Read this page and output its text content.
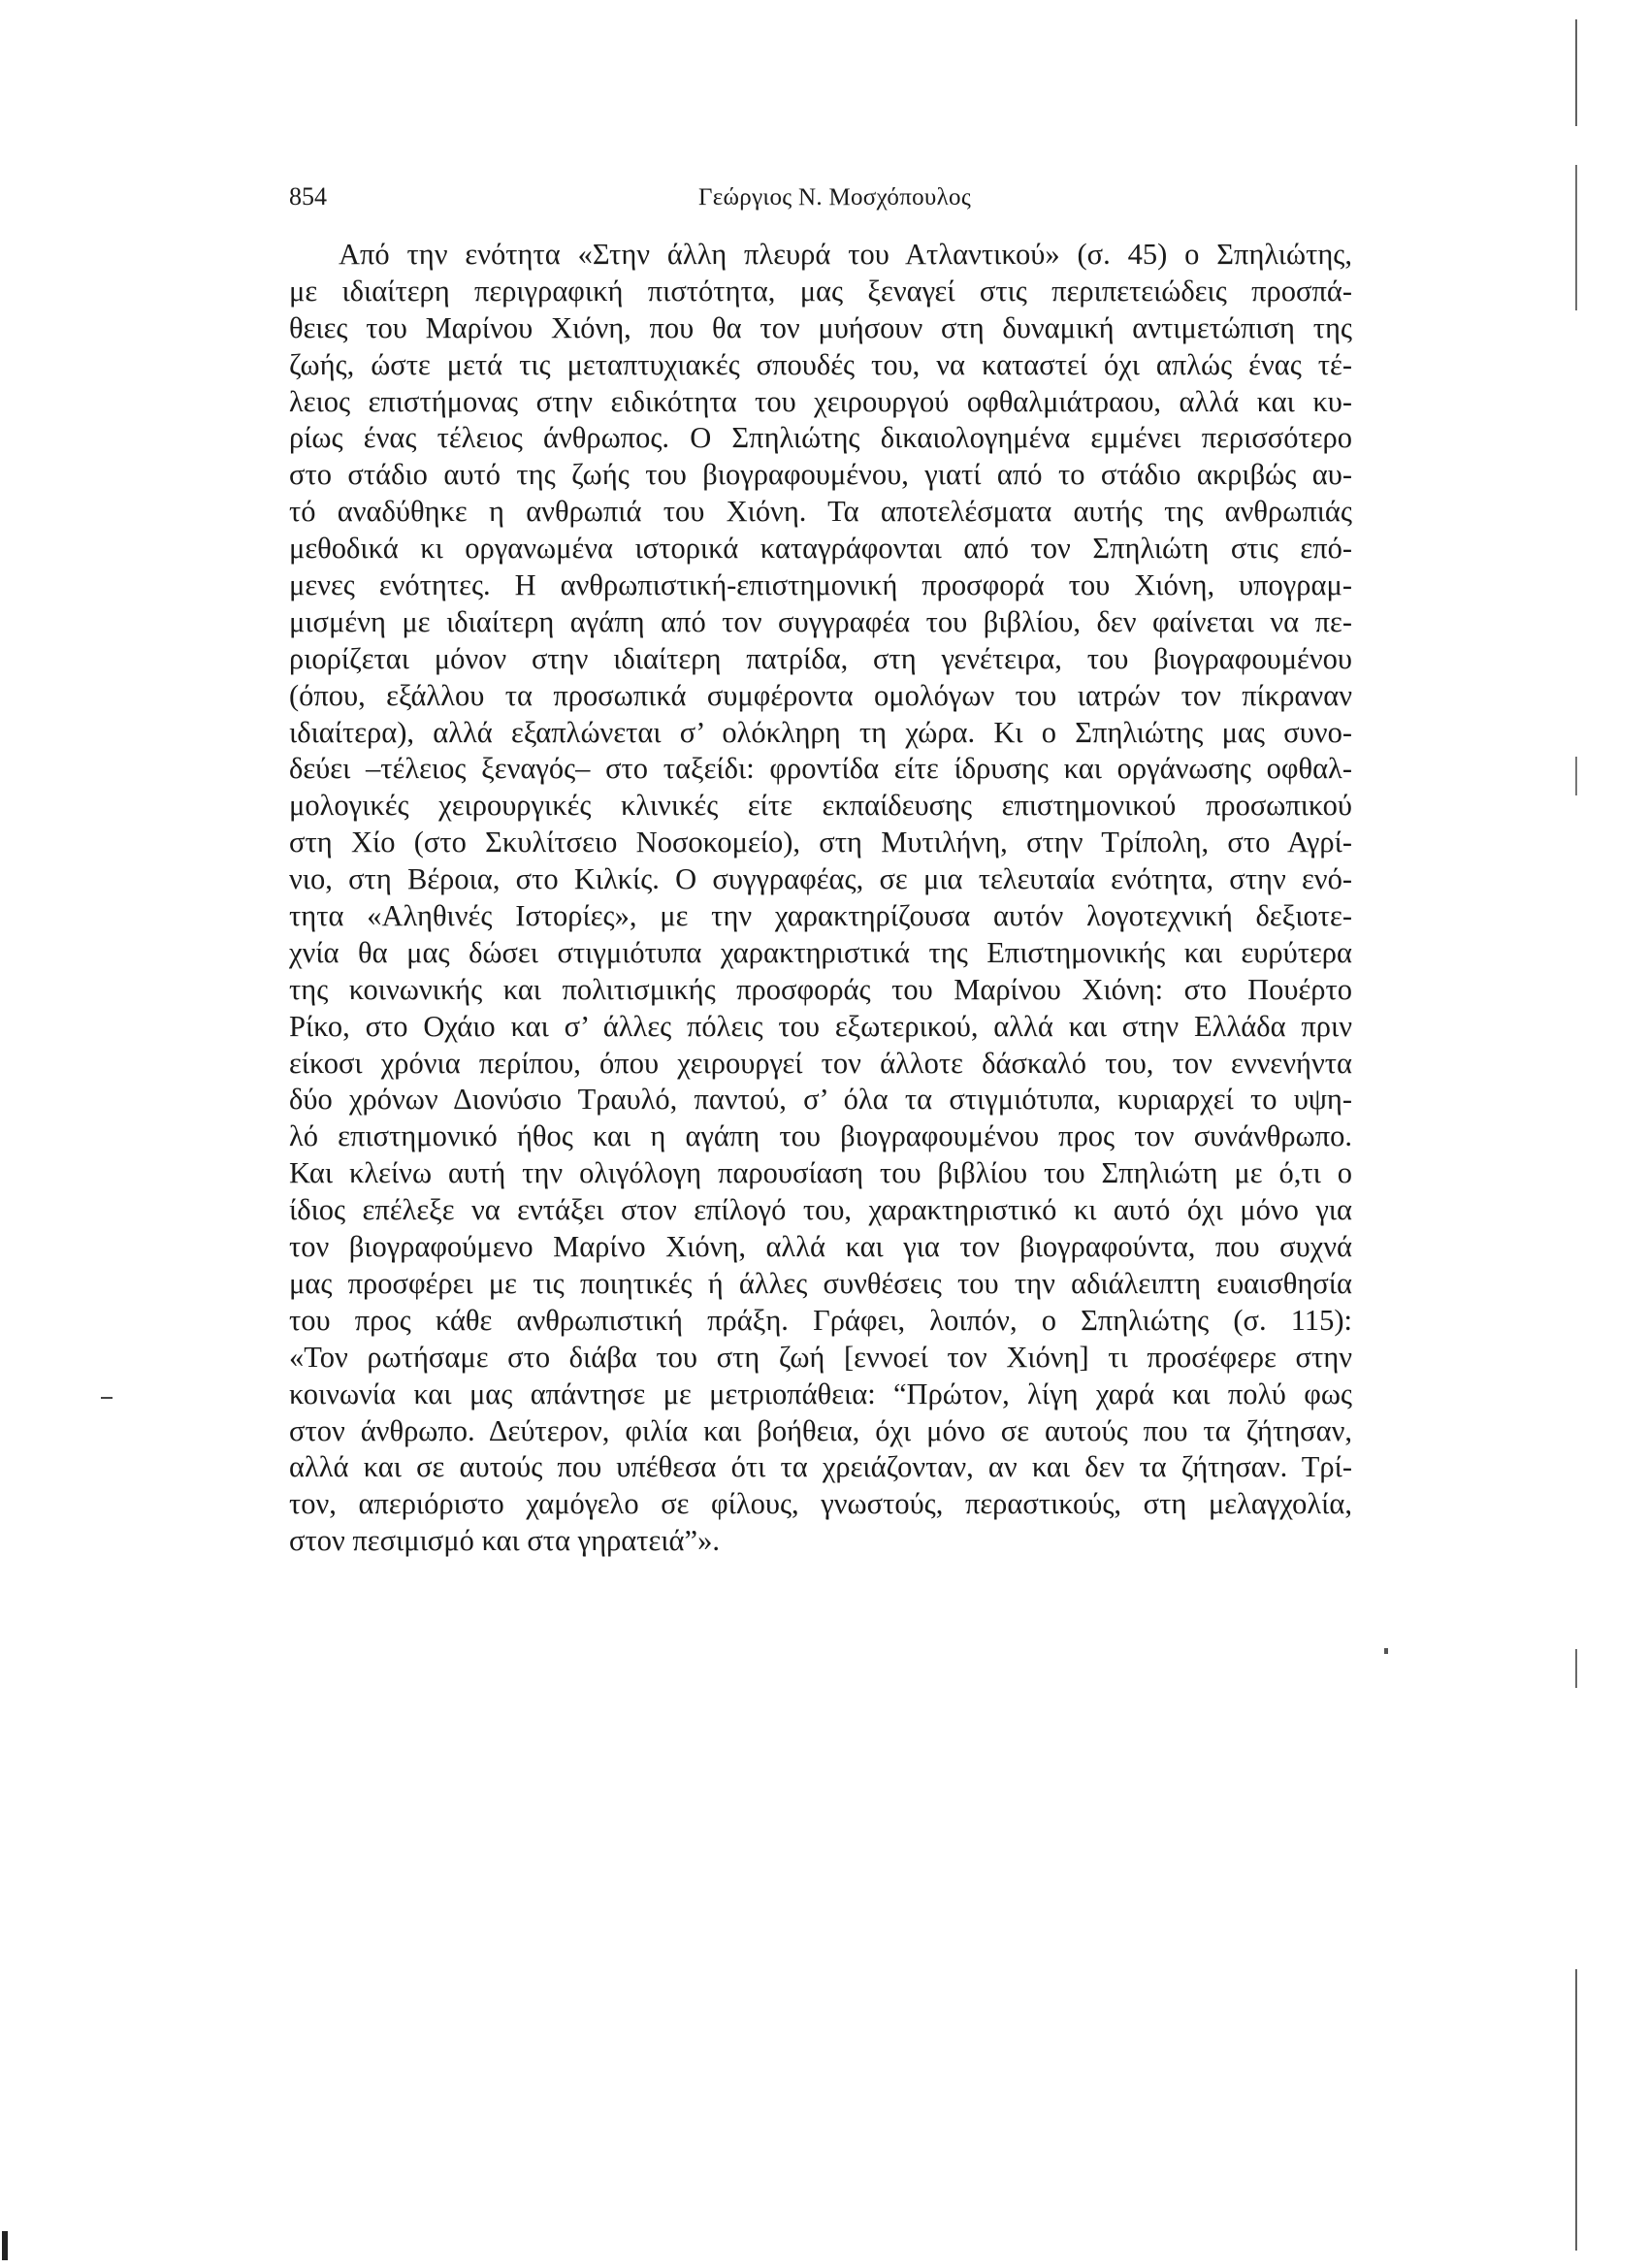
854	Γεώργιος Ν. Μοσχόπουλος
Από την ενότητα «Στην άλλη πλευρά του Ατλαντικού» (σ. 45) ο Σπηλιώτης,
με ιδιαίτερη περιγραφική πιστότητα, μας ξεναγεί στις περιπετειώδεις προσπά-
θειες του Μαρίνου Χιόνη, που θα τον μυήσουν στη δυναμική αντιμετώπιση της
ζωής, ώστε μετά τις μεταπτυχιακές σπουδές του, να καταστεί όχι απλώς ένας τέ-
λειος επιστήμονας στην ειδικότητα του χειρουργού οφθαλμιάτραου, αλλά και κυ-
ρίως ένας τέλειος άνθρωπος. Ο Σπηλιώτης δικαιολογημένα εμμένει περισσότερο
στο στάδιο αυτό της ζωής του βιογραφουμένου, γιατί από το στάδιο ακριβώς αυ-
τό αναδύθηκε η ανθρωπιά του Χιόνη. Τα αποτελέσματα αυτής της ανθρωπιάς
μεθοδικά κι οργανωμένα ιστορικά καταγράφονται από τον Σπηλιώτη στις επό-
μενες ενότητες. Η ανθρωπιστική-επιστημονική προσφορά του Χιόνη, υπογραμ-
μισμένη με ιδιαίτερη αγάπη από τον συγγραφέα του βιβλίου, δεν φαίνεται να πε-
ριορίζεται μόνον στην ιδιαίτερη πατρίδα, στη γενέτειρα, του βιογραφουμένου
(όπου, εξάλλου τα προσωπικά συμφέροντα ομολόγων του ιατρών τον πίκραναν
ιδιαίτερα), αλλά εξαπλώνεται σ’ ολόκληρη τη χώρα. Κι ο Σπηλιώτης μας συνο-
δεύει –τέλειος ξεναγός– στο ταξείδι: φροντίδα είτε ίδρυσης και οργάνωσης οφθαλ-
μολογικές χειρουργικές κλινικές είτε εκπαίδευσης επιστημονικού προσωπικού
στη Χίο (στο Σκυλίτσειο Νοσοκομείο), στη Μυτιλήνη, στην Τρίπολη, στο Αγρί-
νιο, στη Βέροια, στο Κιλκίς. Ο συγγραφέας, σε μια τελευταία ενότητα, στην ενό-
τητα «Αληθινές Ιστορίες», με την χαρακτηρίζουσα αυτόν λογοτεχνική δεξιοτε-
χνία θα μας δώσει στιγμιότυπα χαρακτηριστικά της Επιστημονικής και ευρύτερα
της κοινωνικής και πολιτισμικής προσφοράς του Μαρίνου Χιόνη: στο Πουέρτο
Ρίκο, στο Οχάιο και σ’ άλλες πόλεις του εξωτερικού, αλλά και στην Ελλάδα πριν
είκοσι χρόνια περίπου, όπου χειρουργεί τον άλλοτε δάσκαλό του, τον εννενήντα
δύο χρόνων Διονύσιο Τραυλό, παντού, σ’ όλα τα στιγμιότυπα, κυριαρχεί το υψη-
λό επιστημονικό ήθος και η αγάπη του βιογραφουμένου προς τον συνάνθρωπο.
Και κλείνω αυτή την ολιγόλογη παρουσίαση του βιβλίου του Σπηλιώτη με ό,τι ο
ίδιος επέλεξε να εντάξει στον επίλογό του, χαρακτηριστικό κι αυτό όχι μόνο για
τον βιογραφούμενο Μαρίνο Χιόνη, αλλά και για τον βιογραφούντα, που συχνά
μας προσφέρει με τις ποιητικές ή άλλες συνθέσεις του την αδιάλειπτη ευαισθησία
του προς κάθε ανθρωπιστική πράξη. Γράφει, λοιπόν, ο Σπηλιώτης (σ. 115):
«Τον ρωτήσαμε στο διάβα του στη ζωή [εννοεί τον Χιόνη] τι προσέφερε στην
κοινωνία και μας απάντησε με μετριοπάθεια: “Πρώτον, λίγη χαρά και πολύ φως
στον άνθρωπο. Δεύτερον, φιλία και βοήθεια, όχι μόνο σε αυτούς που τα ζήτησαν,
αλλά και σε αυτούς που υπέθεσα ότι τα χρειάζονταν, αν και δεν τα ζήτησαν. Τρί-
τον, απεριόριστο χαμόγελο σε φίλους, γνωστούς, περαστικούς, στη μελαγχολία,
στον πεσιμισμό και στα γηρατειά”».
